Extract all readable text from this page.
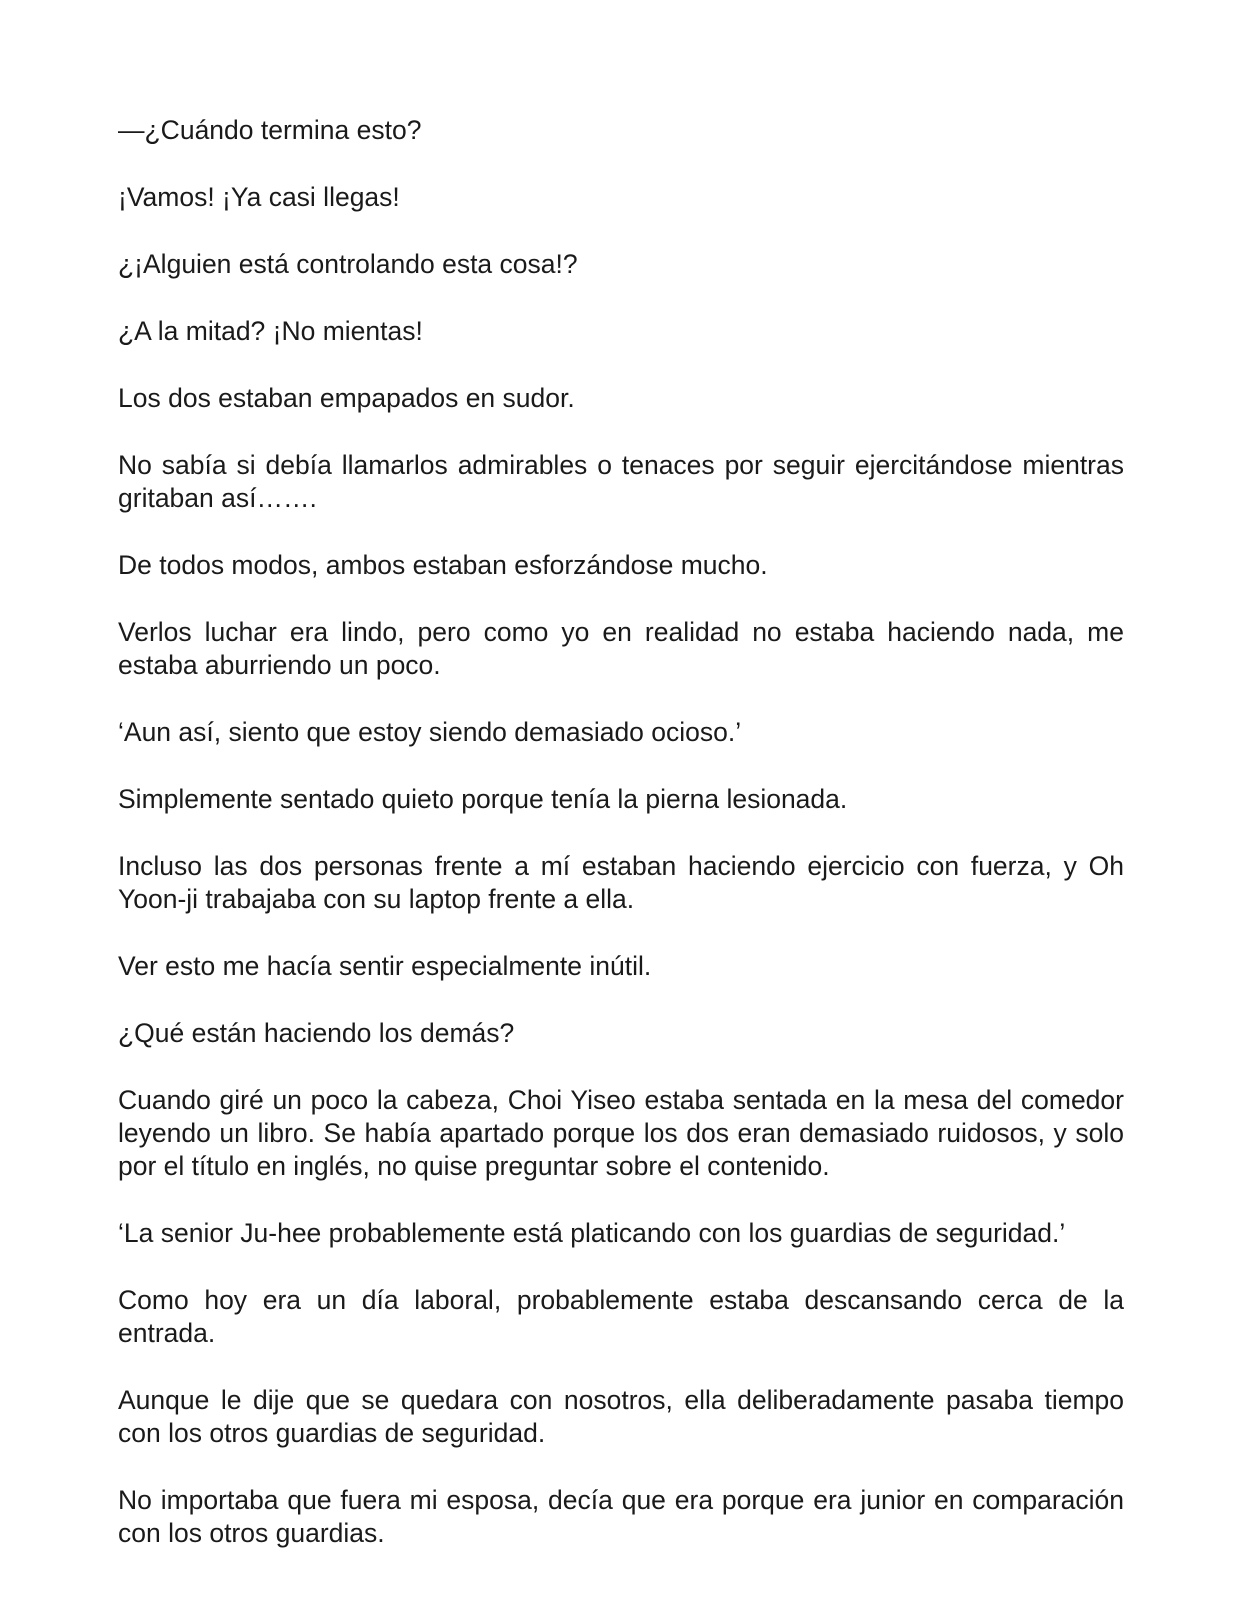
—¿Cuándo termina esto?

¡Vamos! ¡Ya casi llegas!

¿¡Alguien está controlando esta cosa!?

¿A la mitad? ¡No mientas!

Los dos estaban empapados en sudor.

No sabía si debía llamarlos admirables o tenaces por seguir ejercitándose mientras gritaban así…….

De todos modos, ambos estaban esforzándose mucho.

Verlos luchar era lindo, pero como yo en realidad no estaba haciendo nada, me estaba aburriendo un poco.

‘Aun así, siento que estoy siendo demasiado ocioso.’

Simplemente sentado quieto porque tenía la pierna lesionada.

Incluso las dos personas frente a mí estaban haciendo ejercicio con fuerza, y Oh Yoon-ji trabajaba con su laptop frente a ella.

Ver esto me hacía sentir especialmente inútil.

¿Qué están haciendo los demás?

Cuando giré un poco la cabeza, Choi Yiseo estaba sentada en la mesa del comedor leyendo un libro. Se había apartado porque los dos eran demasiado ruidosos, y solo por el título en inglés, no quise preguntar sobre el contenido.

‘La senior Ju-hee probablemente está platicando con los guardias de seguridad.’

Como hoy era un día laboral, probablemente estaba descansando cerca de la entrada.

Aunque le dije que se quedara con nosotros, ella deliberadamente pasaba tiempo con los otros guardias de seguridad.

No importaba que fuera mi esposa, decía que era porque era junior en comparación con los otros guardias.
